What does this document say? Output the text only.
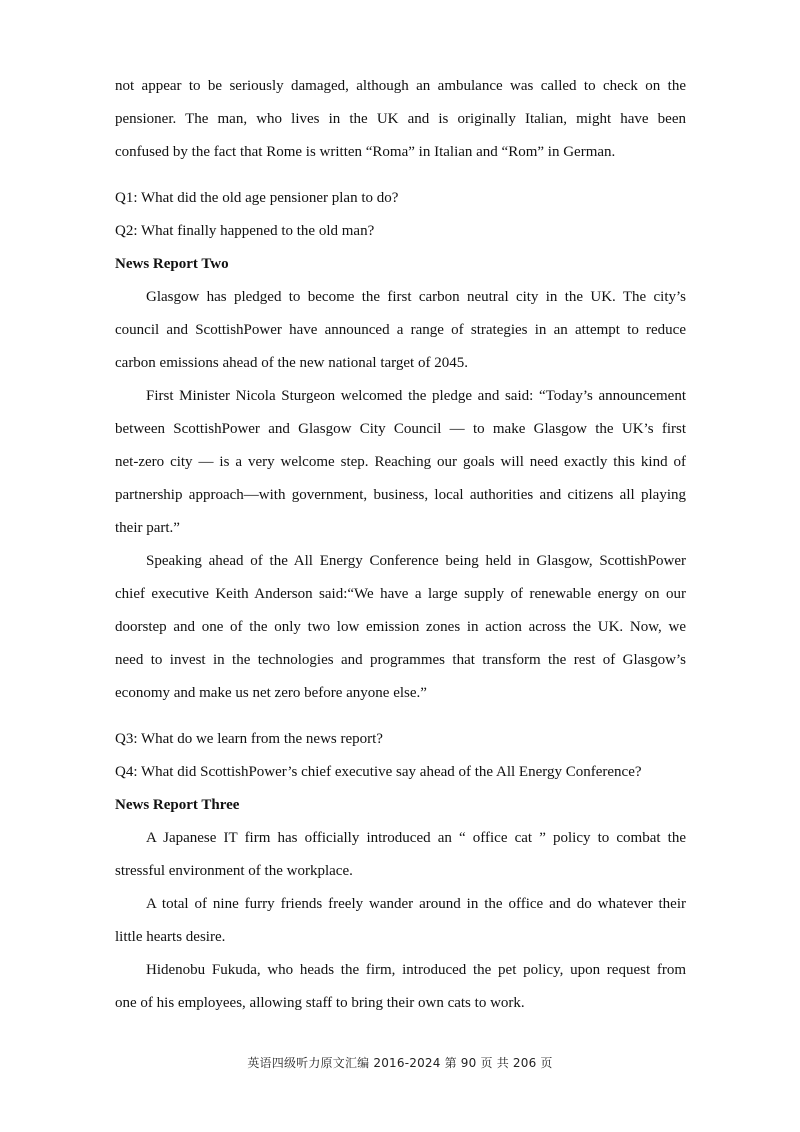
not appear to be seriously damaged, although an ambulance was called to check on the
pensioner. The man, who lives in the UK and is originally Italian, might have been
confused by the fact that Rome is written “Roma” in Italian and “Rom” in German.
Q1: What did the old age pensioner plan to do?
Q2: What finally happened to the old man?
News Report Two
Glasgow has pledged to become the first carbon neutral city in the UK. The city’s
council and ScottishPower have announced a range of strategies in an attempt to reduce
carbon emissions ahead of the new national target of 2045.
First Minister Nicola Sturgeon welcomed the pledge and said: “Today’s announcement
between ScottishPower and Glasgow City Council — to make Glasgow the UK’s first
net-zero city — is a very welcome step. Reaching our goals will need exactly this kind of
partnership approach—with government, business, local authorities and citizens all playing
their part.”
Speaking ahead of the All Energy Conference being held in Glasgow, ScottishPower
chief executive Keith Anderson said:“We have a large supply of renewable energy on our
doorstep and one of the only two low emission zones in action across the UK. Now, we
need to invest in the technologies and programmes that transform the rest of Glasgow’s
economy and make us net zero before anyone else.”
Q3: What do we learn from the news report?
Q4: What did ScottishPower’s chief executive say ahead of the All Energy Conference?
News Report Three
A Japanese IT firm has officially introduced an “ office cat ” policy to combat the
stressful environment of the workplace.
A total of nine furry friends freely wander around in the office and do whatever their
little hearts desire.
Hidenobu Fukuda, who heads the firm, introduced the pet policy, upon request from
one of his employees, allowing staff to bring their own cats to work.
英语四级听力原文汇编 2016-2024 第 90 页 共 206 页
